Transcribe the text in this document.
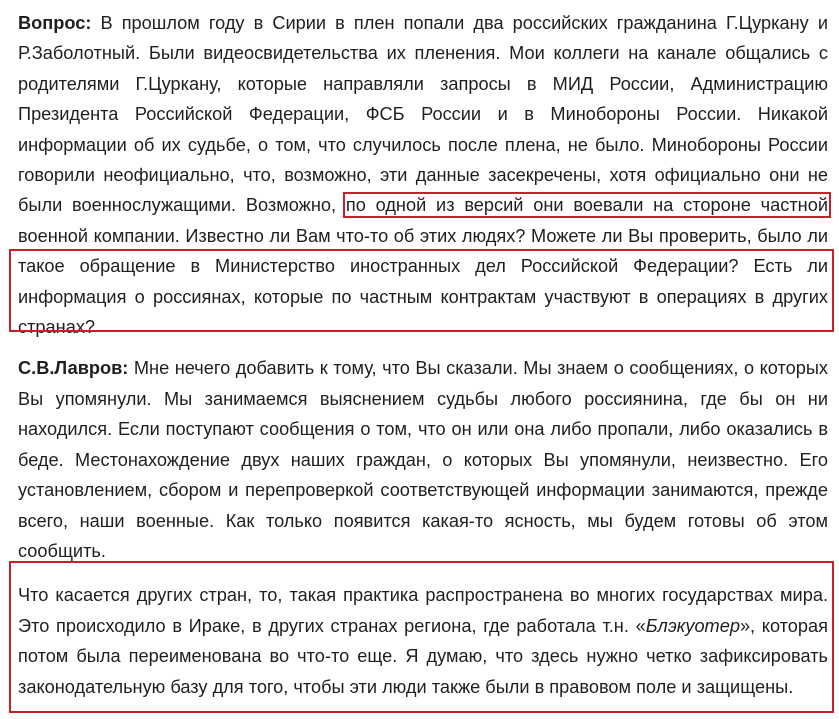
Вопрос: В прошлом году в Сирии в плен попали два российских гражданина Г.Цуркану и Р.Заболотный. Были видеосвидетельства их пленения. Мои коллеги на канале общались с родителями Г.Цуркану, которые направляли запросы в МИД России, Администрацию Президента Российской Федерации, ФСБ России и в Минобороны России. Никакой информации об их судьбе, о том, что случилось после плена, не было. Минобороны России говорили неофициально, что, возможно, эти данные засекречены, хотя официально они не были военнослужащими. Возможно, по одной из версий они воевали на стороне частной военной компании. Известно ли Вам что-то об этих людях? Можете ли Вы проверить, было ли такое обращение в Министерство иностранных дел Российской Федерации? Есть ли информация о россиянах, которые по частным контрактам участвуют в операциях в других странах?

С.В.Лавров: Мне нечего добавить к тому, что Вы сказали. Мы знаем о сообщениях, о которых Вы упомянули. Мы занимаемся выяснением судьбы любого россиянина, где бы он ни находился. Если поступают сообщения о том, что он или она либо пропали, либо оказались в беде. Местонахождение двух наших граждан, о которых Вы упомянули, неизвестно. Его установлением, сбором и перепроверкой соответствующей информации занимаются, прежде всего, наши военные. Как только появится какая-то ясность, мы будем готовы об этом сообщить.

Что касается других стран, то, такая практика распространена во многих государствах мира. Это происходило в Ираке, в других странах региона, где работала т.н. «Блэкуотер», которая потом была переименована во что-то еще. Я думаю, что здесь нужно четко зафиксировать законодательную базу для того, чтобы эти люди также были в правовом поле и защищены.
